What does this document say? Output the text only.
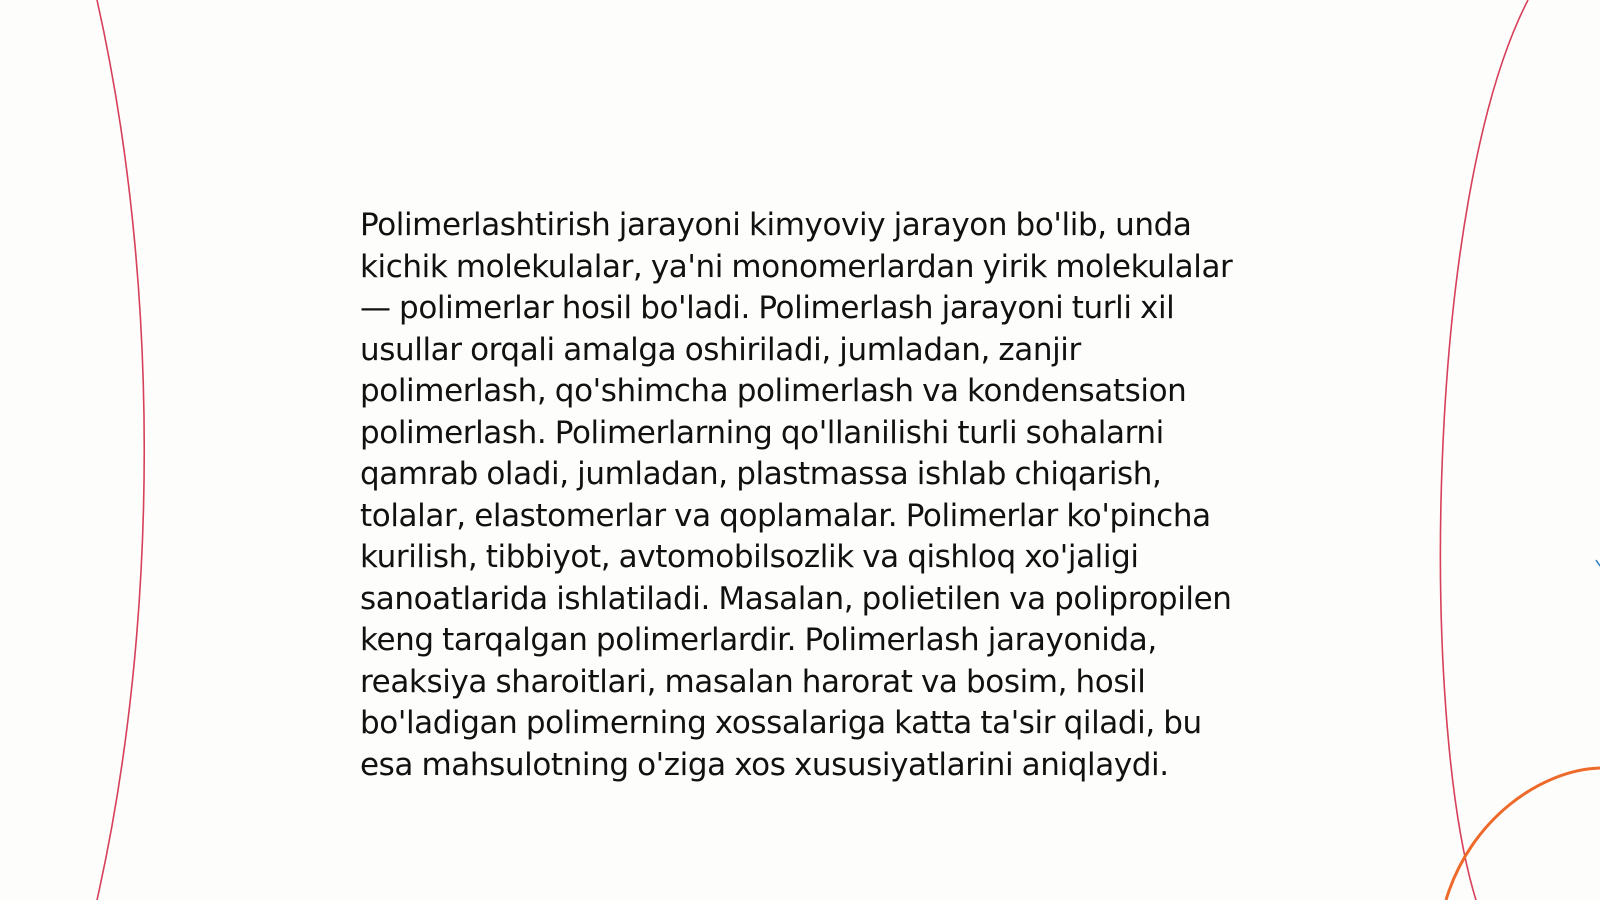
Polimerlashtirish jarayoni kimyoviy jarayon bo'lib, unda kichik molekulalar, ya'ni monomerlardan yirik molekulalar — polimerlar hosil bo'ladi. Polimerlash jarayoni turli xil usullar orqali amalga oshiriladi, jumladan, zanjir polimerlash, qo'shimcha polimerlash va kondensatsion polimerlash. Polimerlarning qo'llanilishi turli sohalarni qamrab oladi, jumladan, plastmassa ishlab chiqarish, tolalar, elastomerlar va qoplamalar. Polimerlar ko'pincha kurilish, tibbiyot, avtomobilsozlik va qishloq xo'jaligi sanoatlarida ishlatiladi. Masalan, polietilen va polipropilen keng tarqalgan polimerlardir. Polimerlash jarayonida, reaksiya sharoitlari, masalan harorat va bosim, hosil bo'ladigan polimerning xossalariga katta ta'sir qiladi, bu esa mahsulotning o'ziga xos xususiyatlarini aniqlaydi.
